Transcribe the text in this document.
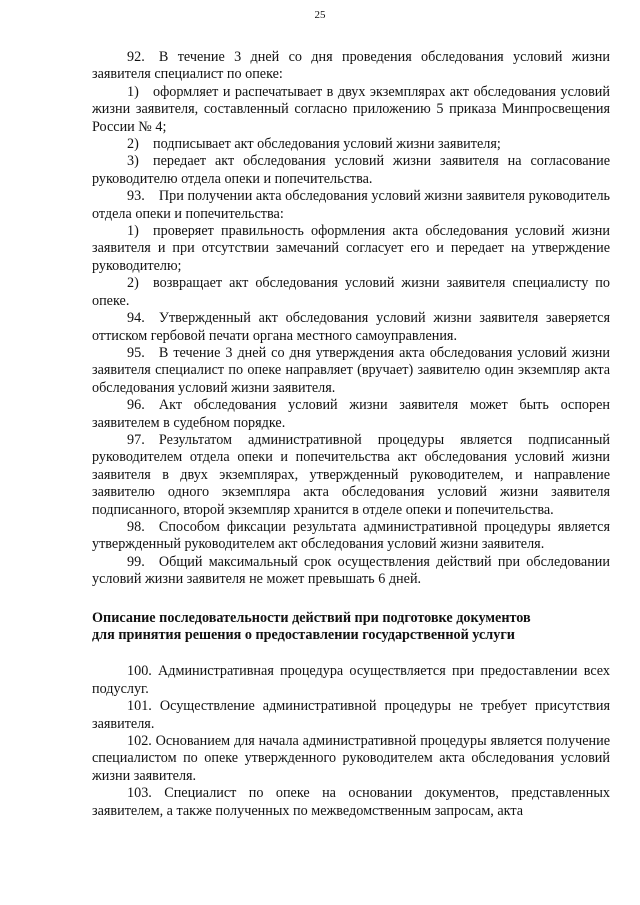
25

92. В течение 3 дней со дня проведения обследования условий жизни заявителя специалист по опеке:

1) оформляет и распечатывает в двух экземплярах акт обследования условий жизни заявителя, составленный согласно приложению 5 приказа Минпросвещения России № 4;

2) подписывает акт обследования условий жизни заявителя;

3) передает акт обследования условий жизни заявителя на согласование руководителю отдела опеки и попечительства.

93. При получении акта обследования условий жизни заявителя руководитель отдела опеки и попечительства:

1) проверяет правильность оформления акта обследования условий жизни заявителя и при отсутствии замечаний согласует его и передает на утверждение руководителю;

2) возвращает акт обследования условий жизни заявителя специалисту по опеке.

94. Утвержденный акт обследования условий жизни заявителя заверяется оттиском гербовой печати органа местного самоуправления.

95. В течение 3 дней со дня утверждения акта обследования условий жизни заявителя специалист по опеке направляет (вручает) заявителю один экземпляр акта обследования условий жизни заявителя.

96. Акт обследования условий жизни заявителя может быть оспорен заявителем в судебном порядке.

97. Результатом административной процедуры является подписанный руководителем отдела опеки и попечительства акт обследования условий жизни заявителя в двух экземплярах, утвержденный руководителем, и направление заявителю одного экземпляра акта обследования условий жизни заявителя подписанного, второй экземпляр хранится в отделе опеки и попечительства.

98. Способом фиксации результата административной процедуры является утвержденный руководителем акт обследования условий жизни заявителя.

99. Общий максимальный срок осуществления действий при обследовании условий жизни заявителя не может превышать 6 дней.

Описание последовательности действий при подготовке документов
для принятия решения о предоставлении государственной услуги

100. Административная процедура осуществляется при предоставлении всех подуслуг.

101. Осуществление административной процедуры не требует присутствия заявителя.

102. Основанием для начала административной процедуры является получение специалистом по опеке утвержденного руководителем акта обследования условий жизни заявителя.

103. Специалист по опеке на основании документов, представленных заявителем, а также полученных по межведомственным запросам, акта
